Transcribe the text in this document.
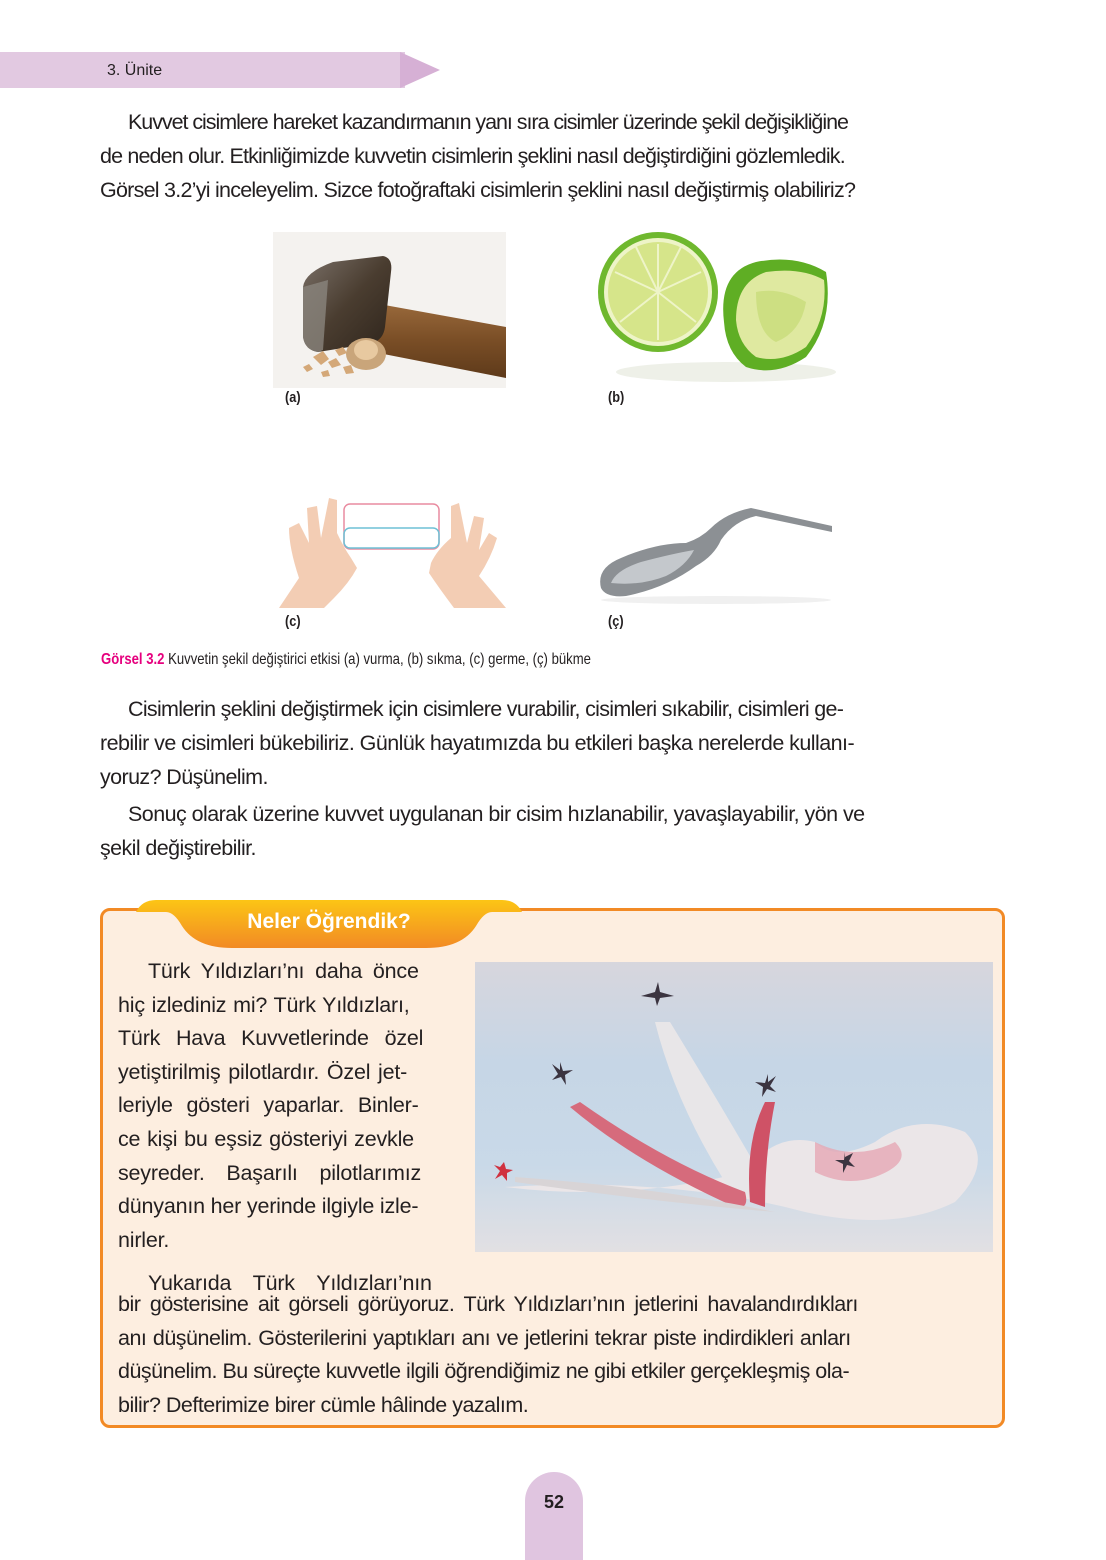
3. Ünite
Kuvvet cisimlere hareket kazandırmanın yanı sıra cisimler üzerinde şekil değişikliğine
de neden olur. Etkinliğimizde kuvvetin cisimlerin şeklini nasıl değiştirdiğini gözlemledik.
Görsel 3.2’yi inceleyelim. Sizce fotoğraftaki cisimlerin şeklini nasıl değiştirmiş olabiliriz?
(a)	(b)
(c)	(ç)
Görsel 3.2 Kuvvetin şekil değiştirici etkisi (a) vurma, (b) sıkma, (c) germe, (ç) bükme
Cisimlerin şeklini değiştirmek için cisimlere vurabilir, cisimleri sıkabilir, cisimleri ge-
rebilir ve cisimleri bükebiliriz. Günlük hayatımızda bu etkileri başka nerelerde kullanı-
yoruz? Düşünelim.
Sonuç olarak üzerine kuvvet uygulanan bir cisim hızlanabilir, yavaşlayabilir, yön ve
şekil değiştirebilir.
Neler Öğrendik?
Türk Yıldızları’nı daha önce
hiç izlediniz mi? Türk Yıldızları,
Türk Hava Kuvvetlerinde özel
yetiştirilmiş pilotlardır. Özel jet-
leriyle gösteri yaparlar. Binler-
ce kişi bu eşsiz gösteriyi zevkle
seyreder. Başarılı pilotlarımız
dünyanın her yerinde ilgiyle izle-
nirler.
Yukarıda Türk Yıldızları’nın
bir gösterisine ait görseli görüyoruz. Türk Yıldızları’nın jetlerini havalandırdıkları
anı düşünelim. Gösterilerini yaptıkları anı ve jetlerini tekrar piste indirdikleri anları
düşünelim. Bu süreçte kuvvetle ilgili öğrendiğimiz ne gibi etkiler gerçekleşmiş ola-
bilir? Defterimize birer cümle hâlinde yazalım.
52
